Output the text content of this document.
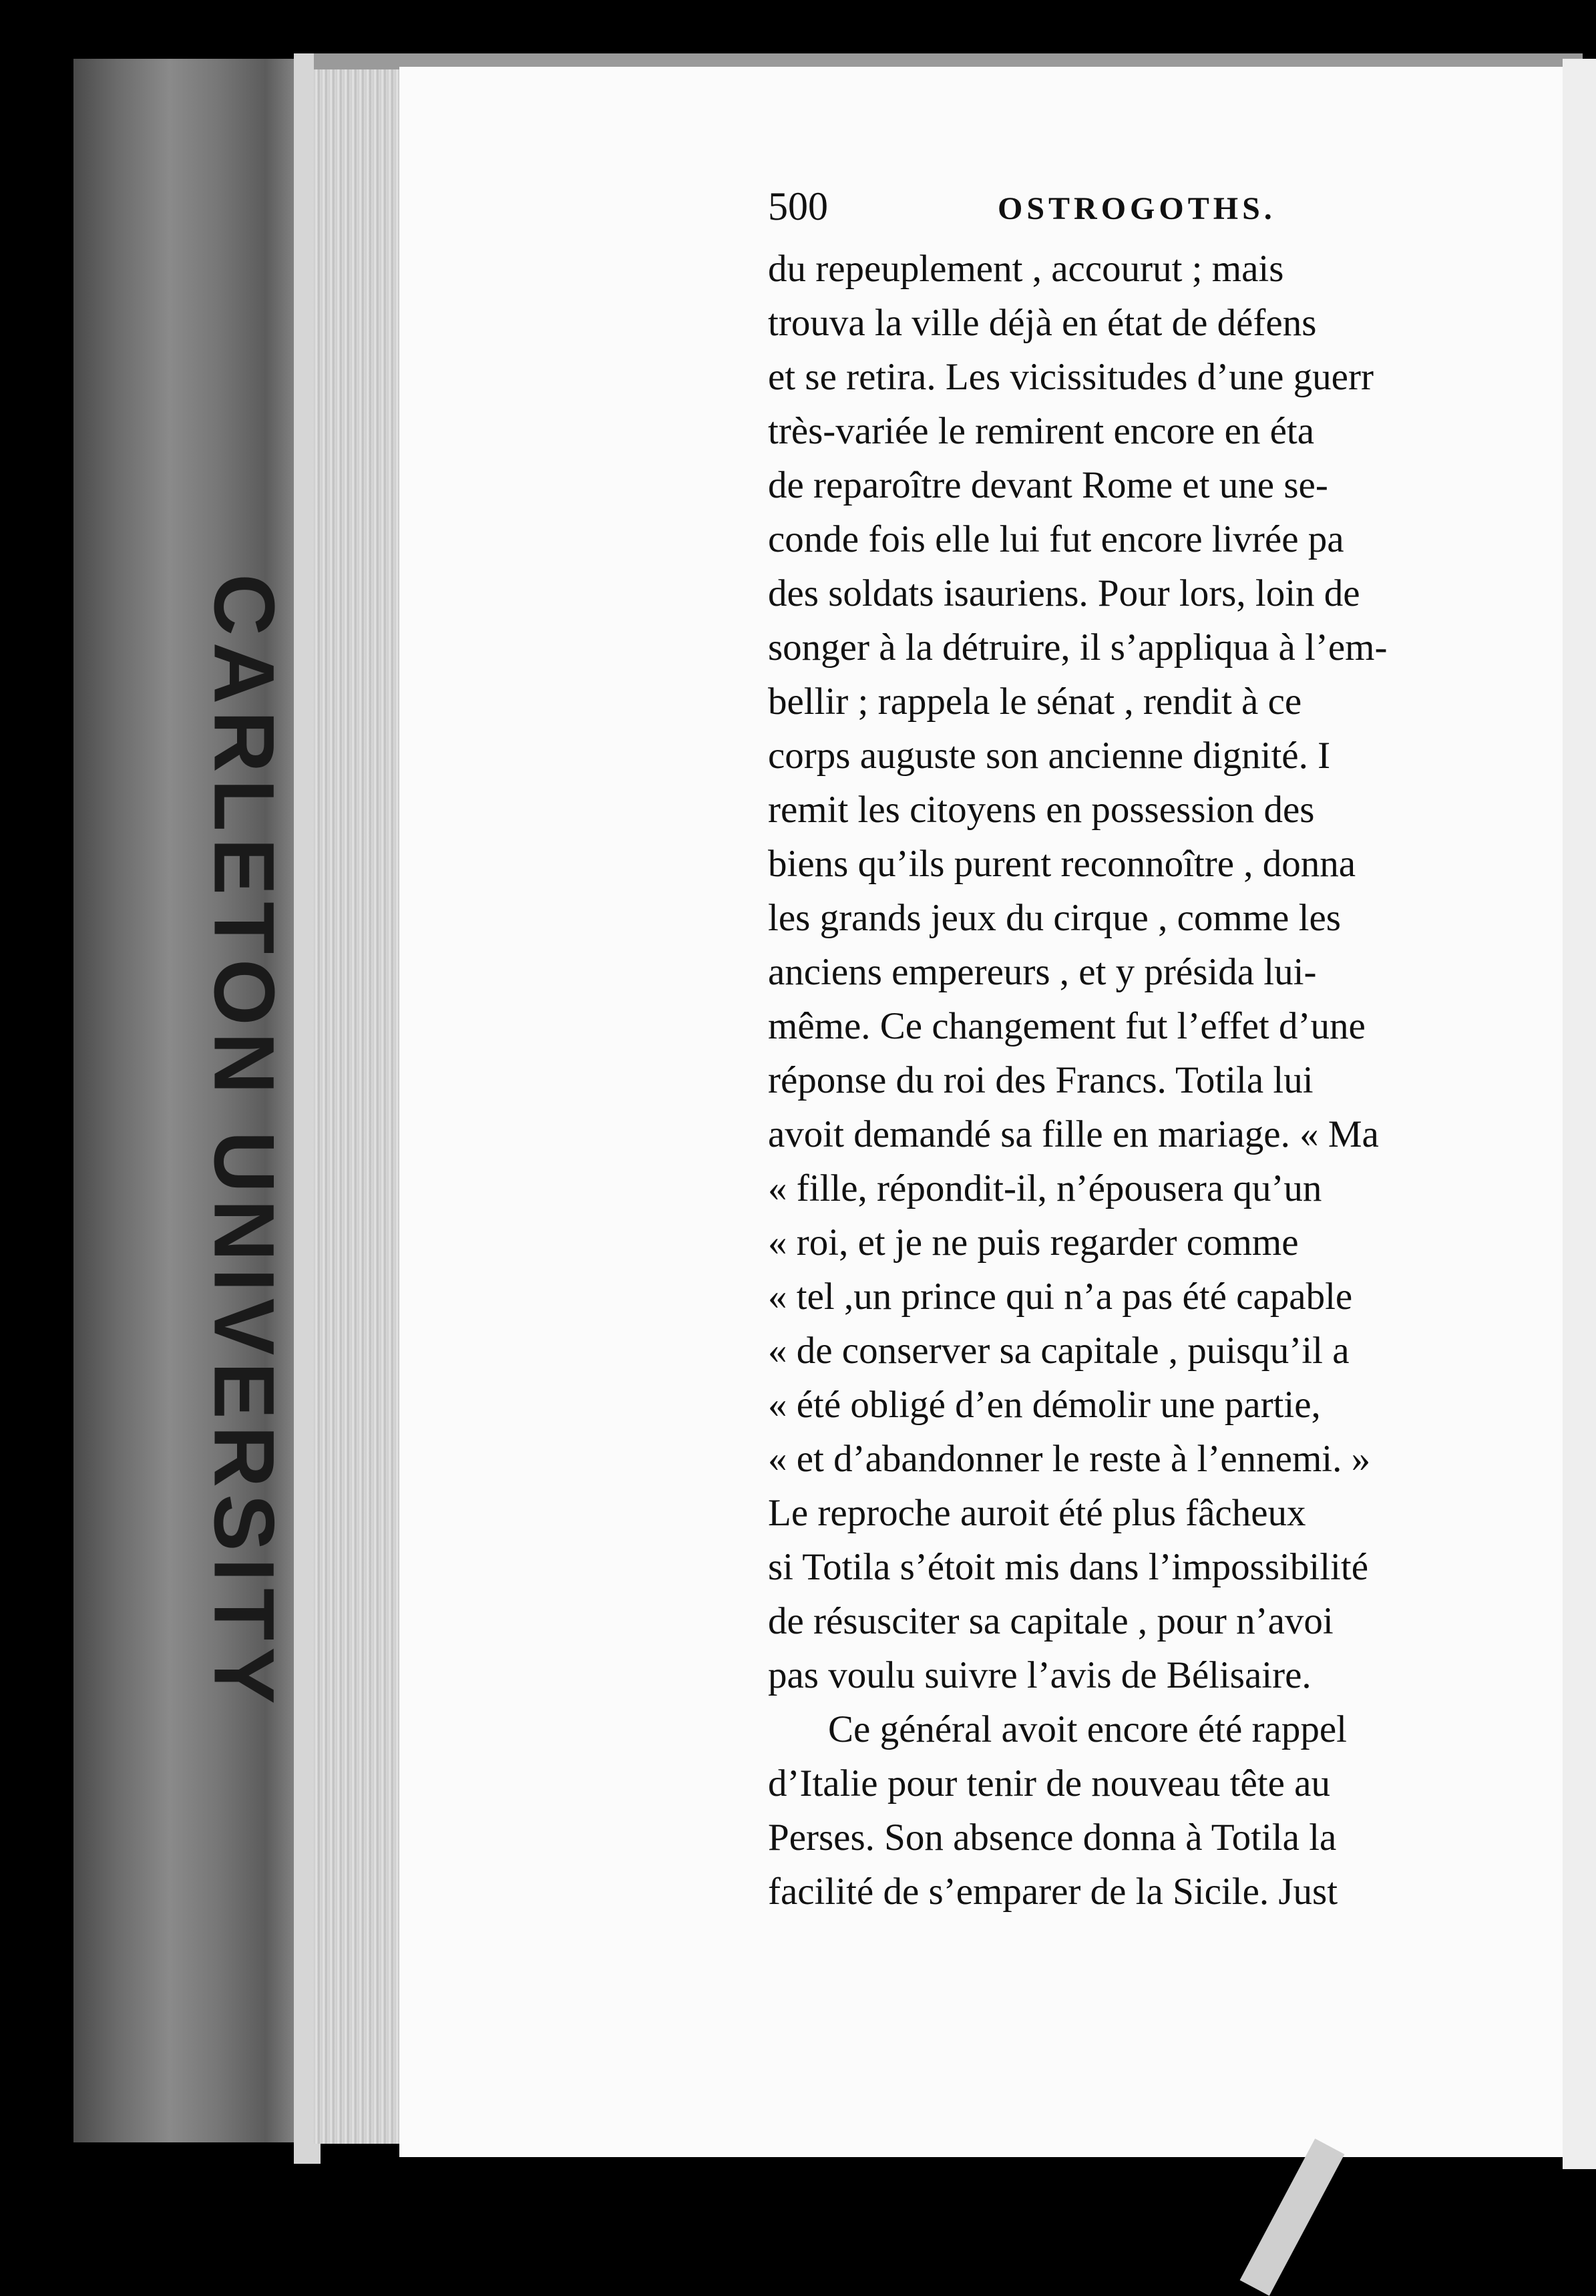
CARLETON UNIVERSITY
500	OSTROGOTHS.
du repeuplement , accourut ; mais
trouva la ville déjà en état de défens
et se retira. Les vicissitudes d’une guerr
très-variée le remirent encore en éta
de reparoître devant Rome et une se-
conde fois elle lui fut encore livrée pa
des soldats isauriens. Pour lors, loin de
songer à la détruire, il s’appliqua à l’em-
bellir ; rappela le sénat , rendit à ce
corps auguste son ancienne dignité. I
remit les citoyens en possession des
biens qu’ils purent reconnoître , donna
les grands jeux du cirque , comme les
anciens empereurs , et y présida lui-
même. Ce changement fut l’effet d’une
réponse du roi des Francs. Totila lui
avoit demandé sa fille en mariage. « Ma
« fille, répondit-il, n’épousera qu’un
« roi, et je ne puis regarder comme
« tel ,un prince qui n’a pas été capable
« de conserver sa capitale , puisqu’il a
« été obligé d’en démolir une partie,
« et d’abandonner le reste à l’ennemi. »
Le reproche auroit été plus fâcheux
si Totila s’étoit mis dans l’impossibilité
de résusciter sa capitale , pour n’avoi
pas voulu suivre l’avis de Bélisaire.
Ce général avoit encore été rappel
d’Italie pour tenir de nouveau tête au
Perses. Son absence donna à Totila la
facilité de s’emparer de la Sicile. Just
